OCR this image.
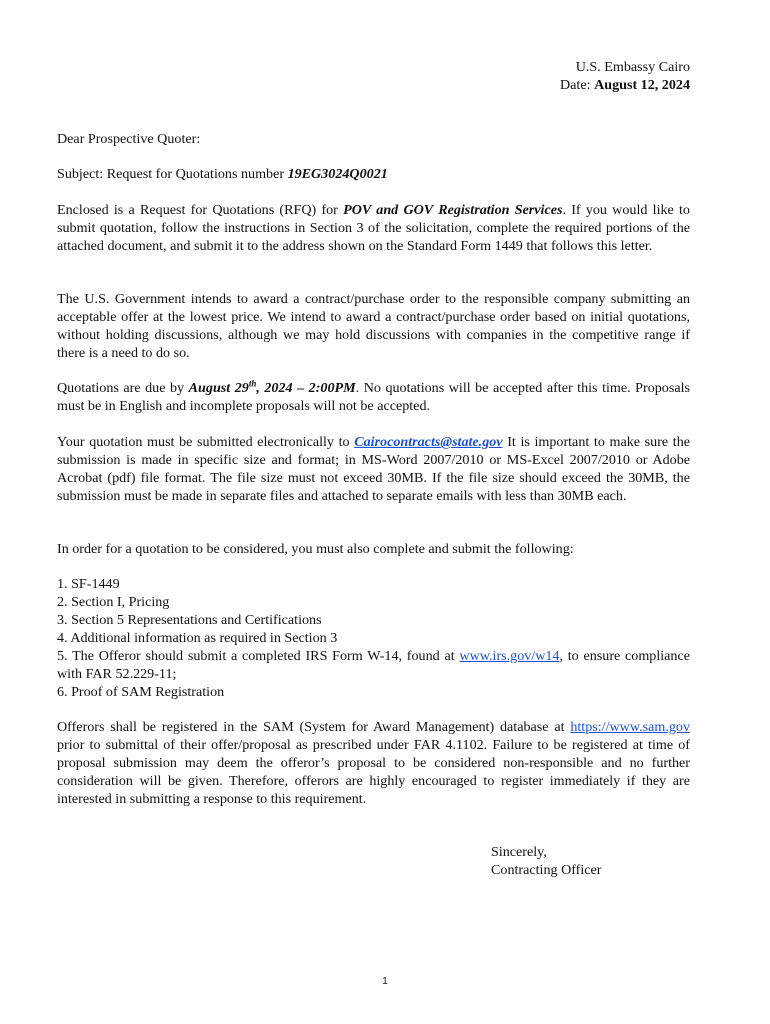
U.S. Embassy Cairo
Date: August 12, 2024
Dear Prospective Quoter:
Subject: Request for Quotations number 19EG3024Q0021

Enclosed is a Request for Quotations (RFQ) for POV and GOV Registration Services. If you would like to submit quotation, follow the instructions in Section 3 of the solicitation, complete the required portions of the attached document, and submit it to the address shown on the Standard Form 1449 that follows this letter.

The U.S. Government intends to award a contract/purchase order to the responsible company submitting an acceptable offer at the lowest price. We intend to award a contract/purchase order based on initial quotations, without holding discussions, although we may hold discussions with companies in the competitive range if there is a need to do so.

Quotations are due by August 29th, 2024 – 2:00PM. No quotations will be accepted after this time. Proposals must be in English and incomplete proposals will not be accepted.

Your quotation must be submitted electronically to Cairocontracts@state.gov It is important to make sure the submission is made in specific size and format; in MS-Word 2007/2010 or MS-Excel 2007/2010 or Adobe Acrobat (pdf) file format. The file size must not exceed 30MB. If the file size should exceed the 30MB, the submission must be made in separate files and attached to separate emails with less than 30MB each.

In order for a quotation to be considered, you must also complete and submit the following:

1. SF-1449
2. Section I, Pricing
3. Section 5 Representations and Certifications
4. Additional information as required in Section 3
5. The Offeror should submit a completed IRS Form W-14, found at www.irs.gov/w14, to ensure compliance with FAR 52.229-11;
6. Proof of SAM Registration

Offerors shall be registered in the SAM (System for Award Management) database at https://www.sam.gov prior to submittal of their offer/proposal as prescribed under FAR 4.1102. Failure to be registered at time of proposal submission may deem the offeror’s proposal to be considered non-responsible and no further consideration will be given. Therefore, offerors are highly encouraged to register immediately if they are interested in submitting a response to this requirement.

Sincerely,
Contracting Officer
1
